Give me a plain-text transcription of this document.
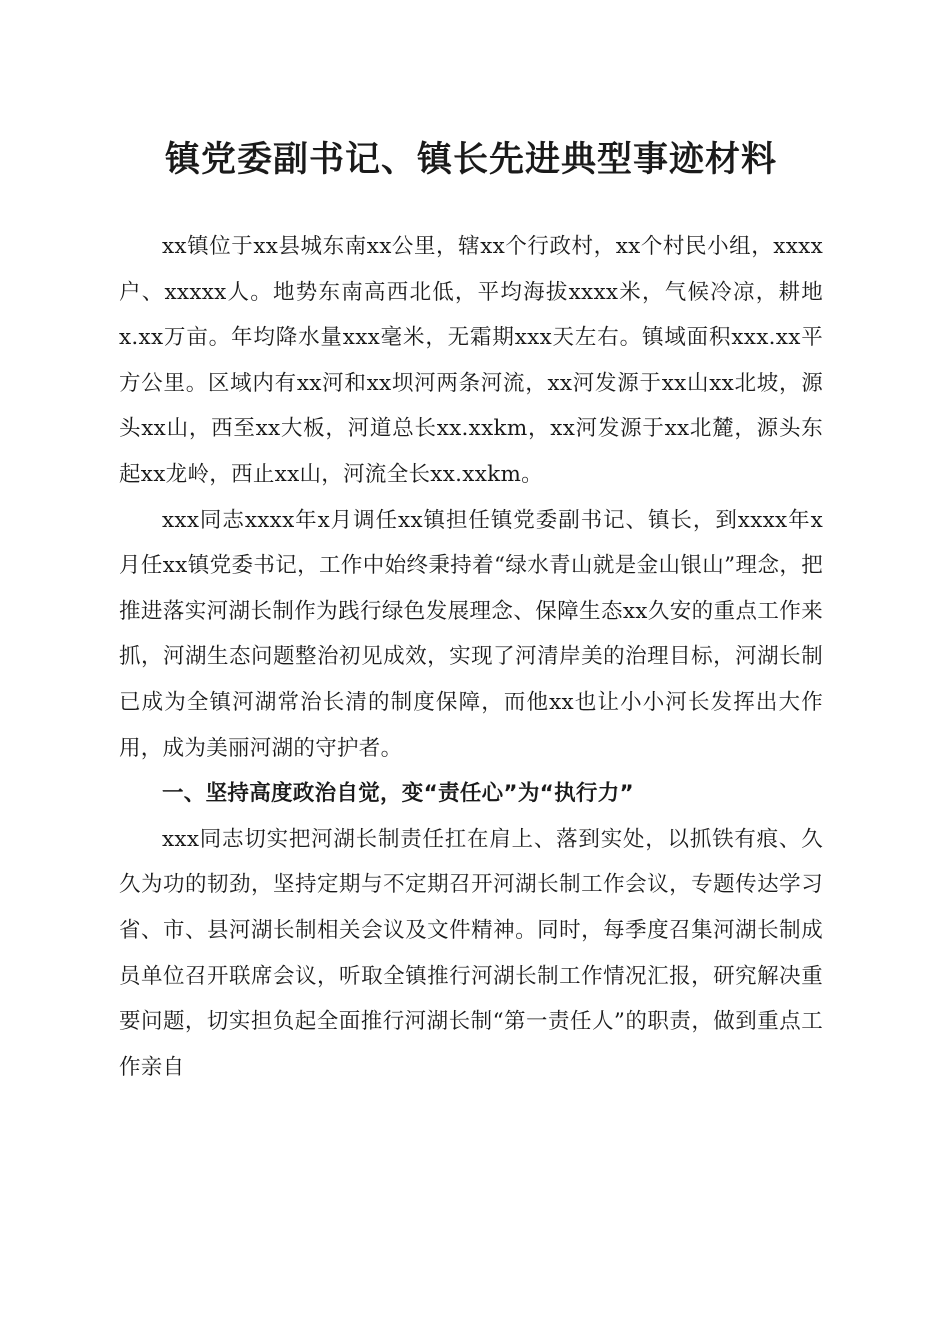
镇党委副书记、镇长先进典型事迹材料

xx镇位于xx县城东南xx公里，辖xx个行政村，xx个村民小组，xxxx户、xxxxx人。地势东南高西北低，平均海拔xxxx米，气候冷凉，耕地x.xx万亩。年均降水量xxx毫米，无霜期xxx天左右。镇域面积xxx.xx平方公里。区域内有xx河和xx坝河两条河流，xx河发源于xx山xx北坡，源头xx山，西至xx大板，河道总长xx.xxkm，xx河发源于xx北麓，源头东起xx龙岭，西止xx山，河流全长xx.xxkm。

xxx同志xxxx年x月调任xx镇担任镇党委副书记、镇长，到xxxx年x月任xx镇党委书记，工作中始终秉持着“绿水青山就是金山银山”理念，把推进落实河湖长制作为践行绿色发展理念、保障生态xx久安的重点工作来抓，河湖生态问题整治初见成效，实现了河清岸美的治理目标，河湖长制已成为全镇河湖常治长清的制度保障，而他xx也让小小河长发挥出大作用，成为美丽河湖的守护者。

一、坚持高度政治自觉，变“责任心”为“执行力”

xxx同志切实把河湖长制责任扛在肩上、落到实处，以抓铁有痕、久久为功的韧劲，坚持定期与不定期召开河湖长制工作会议，专题传达学习省、市、县河湖长制相关会议及文件精神。同时，每季度召集河湖长制成员单位召开联席会议，听取全镇推行河湖长制工作情况汇报，研究解决重要问题，切实担负起全面推行河湖长制“第一责任人”的职责，做到重点工作亲自
